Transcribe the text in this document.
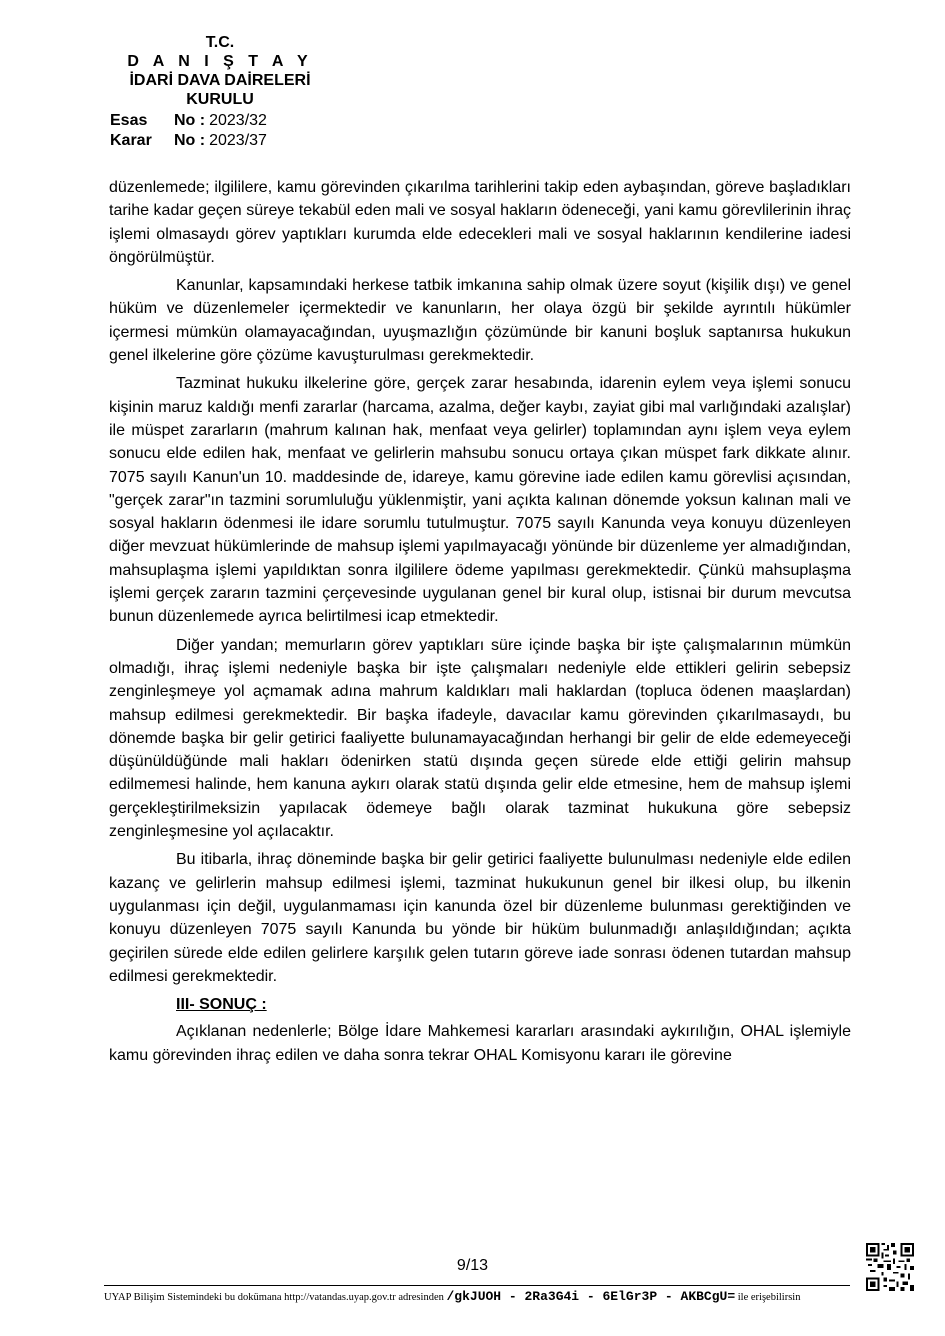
T.C.
D A N I Ş T A Y
İDARİ DAVA DAİRELERİ
KURULU
Esas	No : 2023/32
Karar	No : 2023/37

düzenlemede; ilgililere, kamu görevinden çıkarılma tarihlerini takip eden aybaşından, göreve başladıkları tarihe kadar geçen süreye tekabül eden mali ve sosyal hakların ödeneceği, yani kamu görevlilerinin ihraç işlemi olmasaydı görev yaptıkları kurumda elde edecekleri mali ve sosyal haklarının kendilerine iadesi öngörülmüştür.

Kanunlar, kapsamındaki herkese tatbik imkanına sahip olmak üzere soyut (kişilik dışı) ve genel hüküm ve düzenlemeler içermektedir ve kanunların, her olaya özgü bir şekilde ayrıntılı hükümler içermesi mümkün olamayacağından, uyuşmazlığın çözümünde bir kanuni boşluk saptanırsa hukukun genel ilkelerine göre çözüme kavuşturulması gerekmektedir.

Tazminat hukuku ilkelerine göre, gerçek zarar hesabında, idarenin eylem veya işlemi sonucu kişinin maruz kaldığı menfi zararlar (harcama, azalma, değer kaybı, zayiat gibi mal varlığındaki azalışlar) ile müspet zararların (mahrum kalınan hak, menfaat veya gelirler) toplamından aynı işlem veya eylem sonucu elde edilen hak, menfaat ve gelirlerin mahsubu sonucu ortaya çıkan müspet fark dikkate alınır. 7075 sayılı Kanun'un 10. maddesinde de, idareye, kamu görevine iade edilen kamu görevlisi açısından, "gerçek zarar"ın tazmini sorumluluğu yüklenmiştir, yani açıkta kalınan dönemde yoksun kalınan mali ve sosyal hakların ödenmesi ile idare sorumlu tutulmuştur. 7075 sayılı Kanunda veya konuyu düzenleyen diğer mevzuat hükümlerinde de mahsup işlemi yapılmayacağı yönünde bir düzenleme yer almadığından, mahsuplaşma işlemi yapıldıktan sonra ilgililere ödeme yapılması gerekmektedir. Çünkü mahsuplaşma işlemi gerçek zararın tazmini çerçevesinde uygulanan genel bir kural olup, istisnai bir durum mevcutsa bunun düzenlemede ayrıca belirtilmesi icap etmektedir.

Diğer yandan; memurların görev yaptıkları süre içinde başka bir işte çalışmalarının mümkün olmadığı, ihraç işlemi nedeniyle başka bir işte çalışmaları nedeniyle elde ettikleri gelirin sebepsiz zenginleşmeye yol açmamak adına mahrum kaldıkları mali haklardan (topluca ödenen maaşlardan) mahsup edilmesi gerekmektedir. Bir başka ifadeyle, davacılar kamu görevinden çıkarılmasaydı, bu dönemde başka bir gelir getirici faaliyette bulunamayacağından herhangi bir gelir de elde edemeyeceği düşünüldüğünde mali hakları ödenirken statü dışında geçen sürede elde ettiği gelirin mahsup edilmemesi halinde, hem kanuna aykırı olarak statü dışında gelir elde etmesine, hem de mahsup işlemi gerçekleştirilmeksizin yapılacak ödemeye bağlı olarak tazminat hukukuna göre sebepsiz zenginleşmesine yol açılacaktır.

Bu itibarla, ihraç döneminde başka bir gelir getirici faaliyette bulunulması nedeniyle elde edilen kazanç ve gelirlerin mahsup edilmesi işlemi, tazminat hukukunun genel bir ilkesi olup, bu ilkenin uygulanması için değil, uygulanmaması için kanunda özel bir düzenleme bulunması gerektiğinden ve konuyu düzenleyen 7075 sayılı Kanunda bu yönde bir hüküm bulunmadığı anlaşıldığından; açıkta geçirilen sürede elde edilen gelirlere karşılık gelen tutarın göreve iade sonrası ödenen tutardan mahsup edilmesi gerekmektedir.

III- SONUÇ :

Açıklanan nedenlerle; Bölge İdare Mahkemesi kararları arasındaki aykırılığın, OHAL işlemiyle kamu görevinden ihraç edilen ve daha sonra tekrar OHAL Komisyonu kararı ile görevine

9/13
UYAP Bilişim Sistemindeki bu dokümana http://vatandas.uyap.gov.tr adresinden /gkJUOH - 2Ra3G4i - 6ElGr3P - AKBCgU= ile erişebilirsin
